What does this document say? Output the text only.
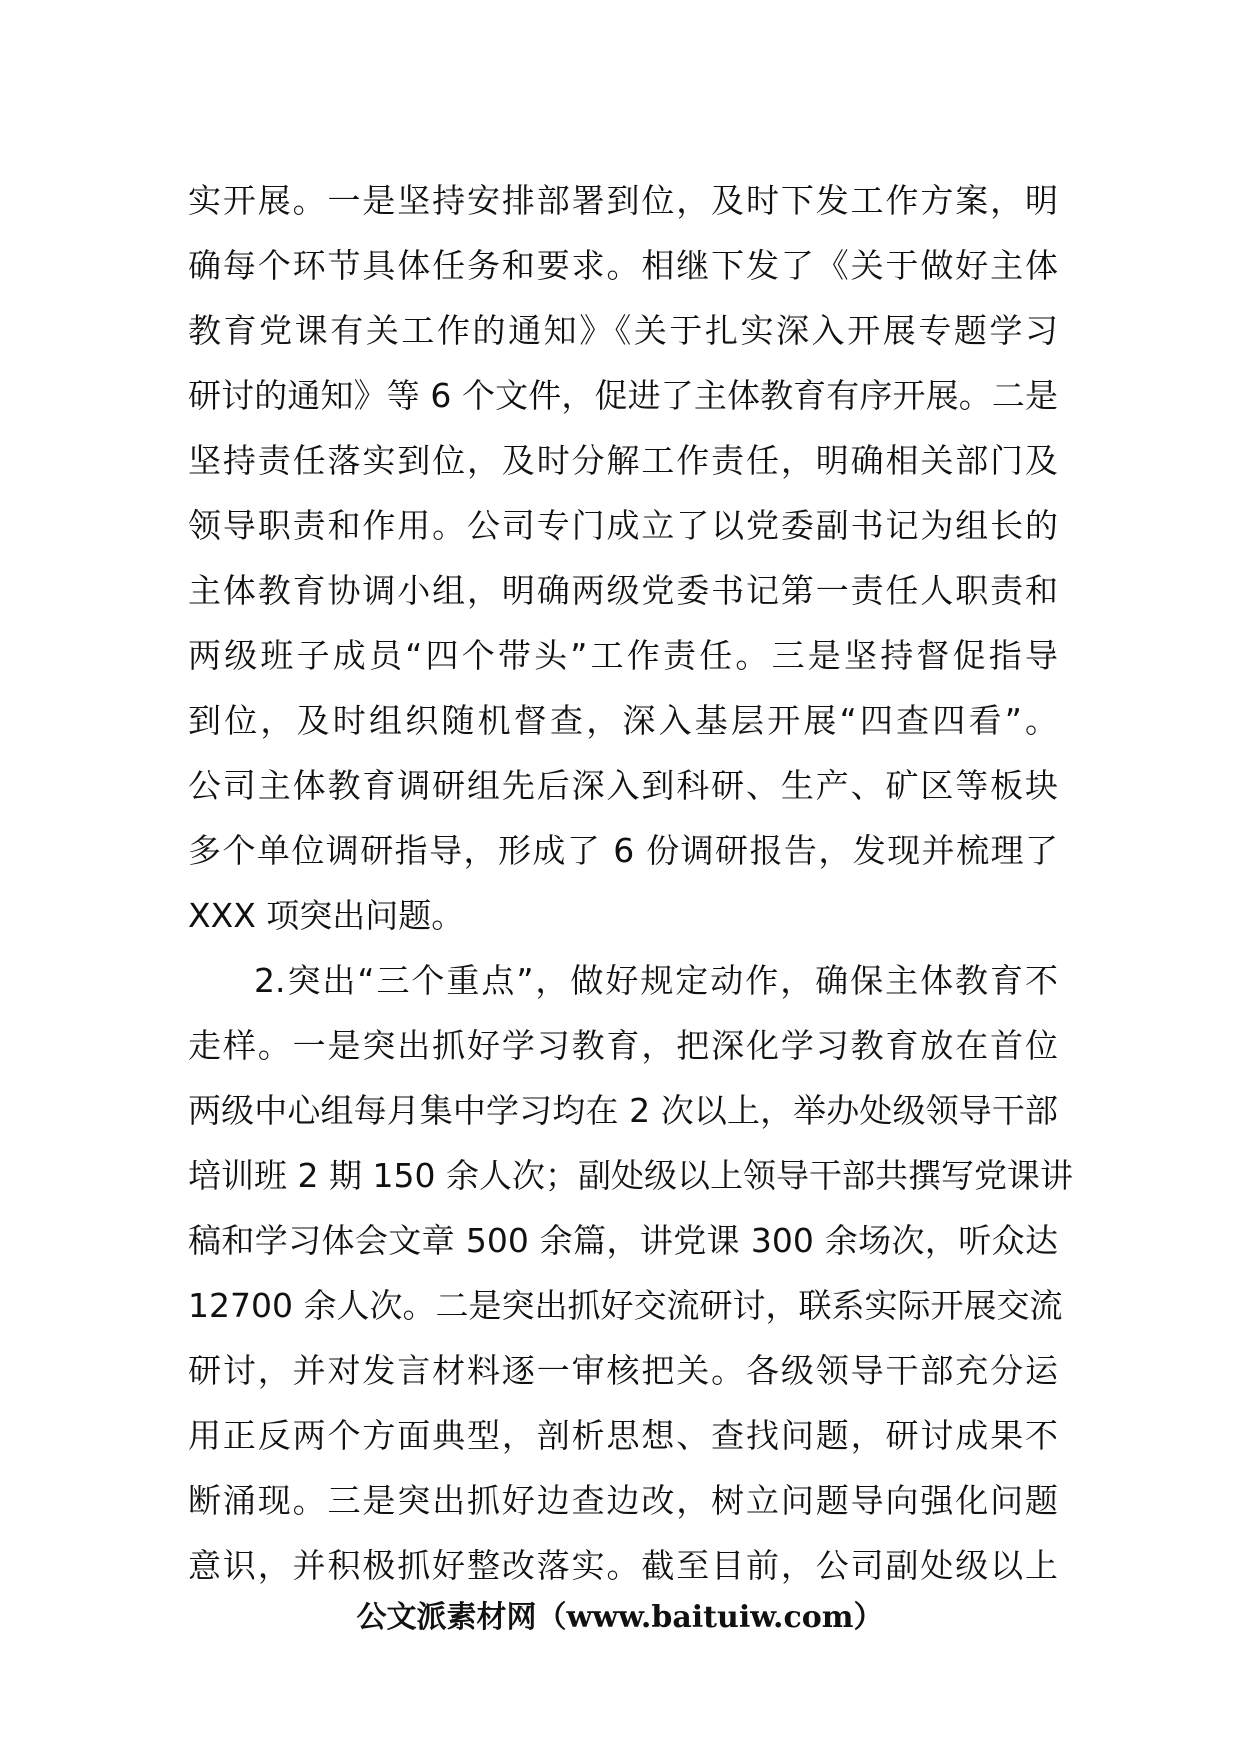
实开展。一是坚持安排部署到位，及时下发工作方案，明
确每个环节具体任务和要求。相继下发了《关于做好主体
教育党课有关工作的通知》《关于扎实深入开展专题学习
研讨的通知》等 6 个文件，促进了主体教育有序开展。二是
坚持责任落实到位，及时分解工作责任，明确相关部门及
领导职责和作用。公司专门成立了以党委副书记为组长的
主体教育协调小组，明确两级党委书记第一责任人职责和
两级班子成员“四个带头”工作责任。三是坚持督促指导
到位，及时组织随机督查，深入基层开展“四查四看”。
公司主体教育调研组先后深入到科研、生产、矿区等板块
多个单位调研指导，形成了 6 份调研报告，发现并梳理了
XXX 项突出问题。
2.突出“三个重点”，做好规定动作，确保主体教育不
走样。一是突出抓好学习教育，把深化学习教育放在首位
两级中心组每月集中学习均在 2 次以上，举办处级领导干部
培训班 2 期 150 余人次；副处级以上领导干部共撰写党课讲
稿和学习体会文章 500 余篇，讲党课 300 余场次，听众达
12700 余人次。二是突出抓好交流研讨，联系实际开展交流
研讨，并对发言材料逐一审核把关。各级领导干部充分运
用正反两个方面典型，剖析思想、查找问题，研讨成果不
断涌现。三是突出抓好边查边改，树立问题导向强化问题
意识，并积极抓好整改落实。截至目前，公司副处级以上
公文派素材网（www.baituiw.com）
